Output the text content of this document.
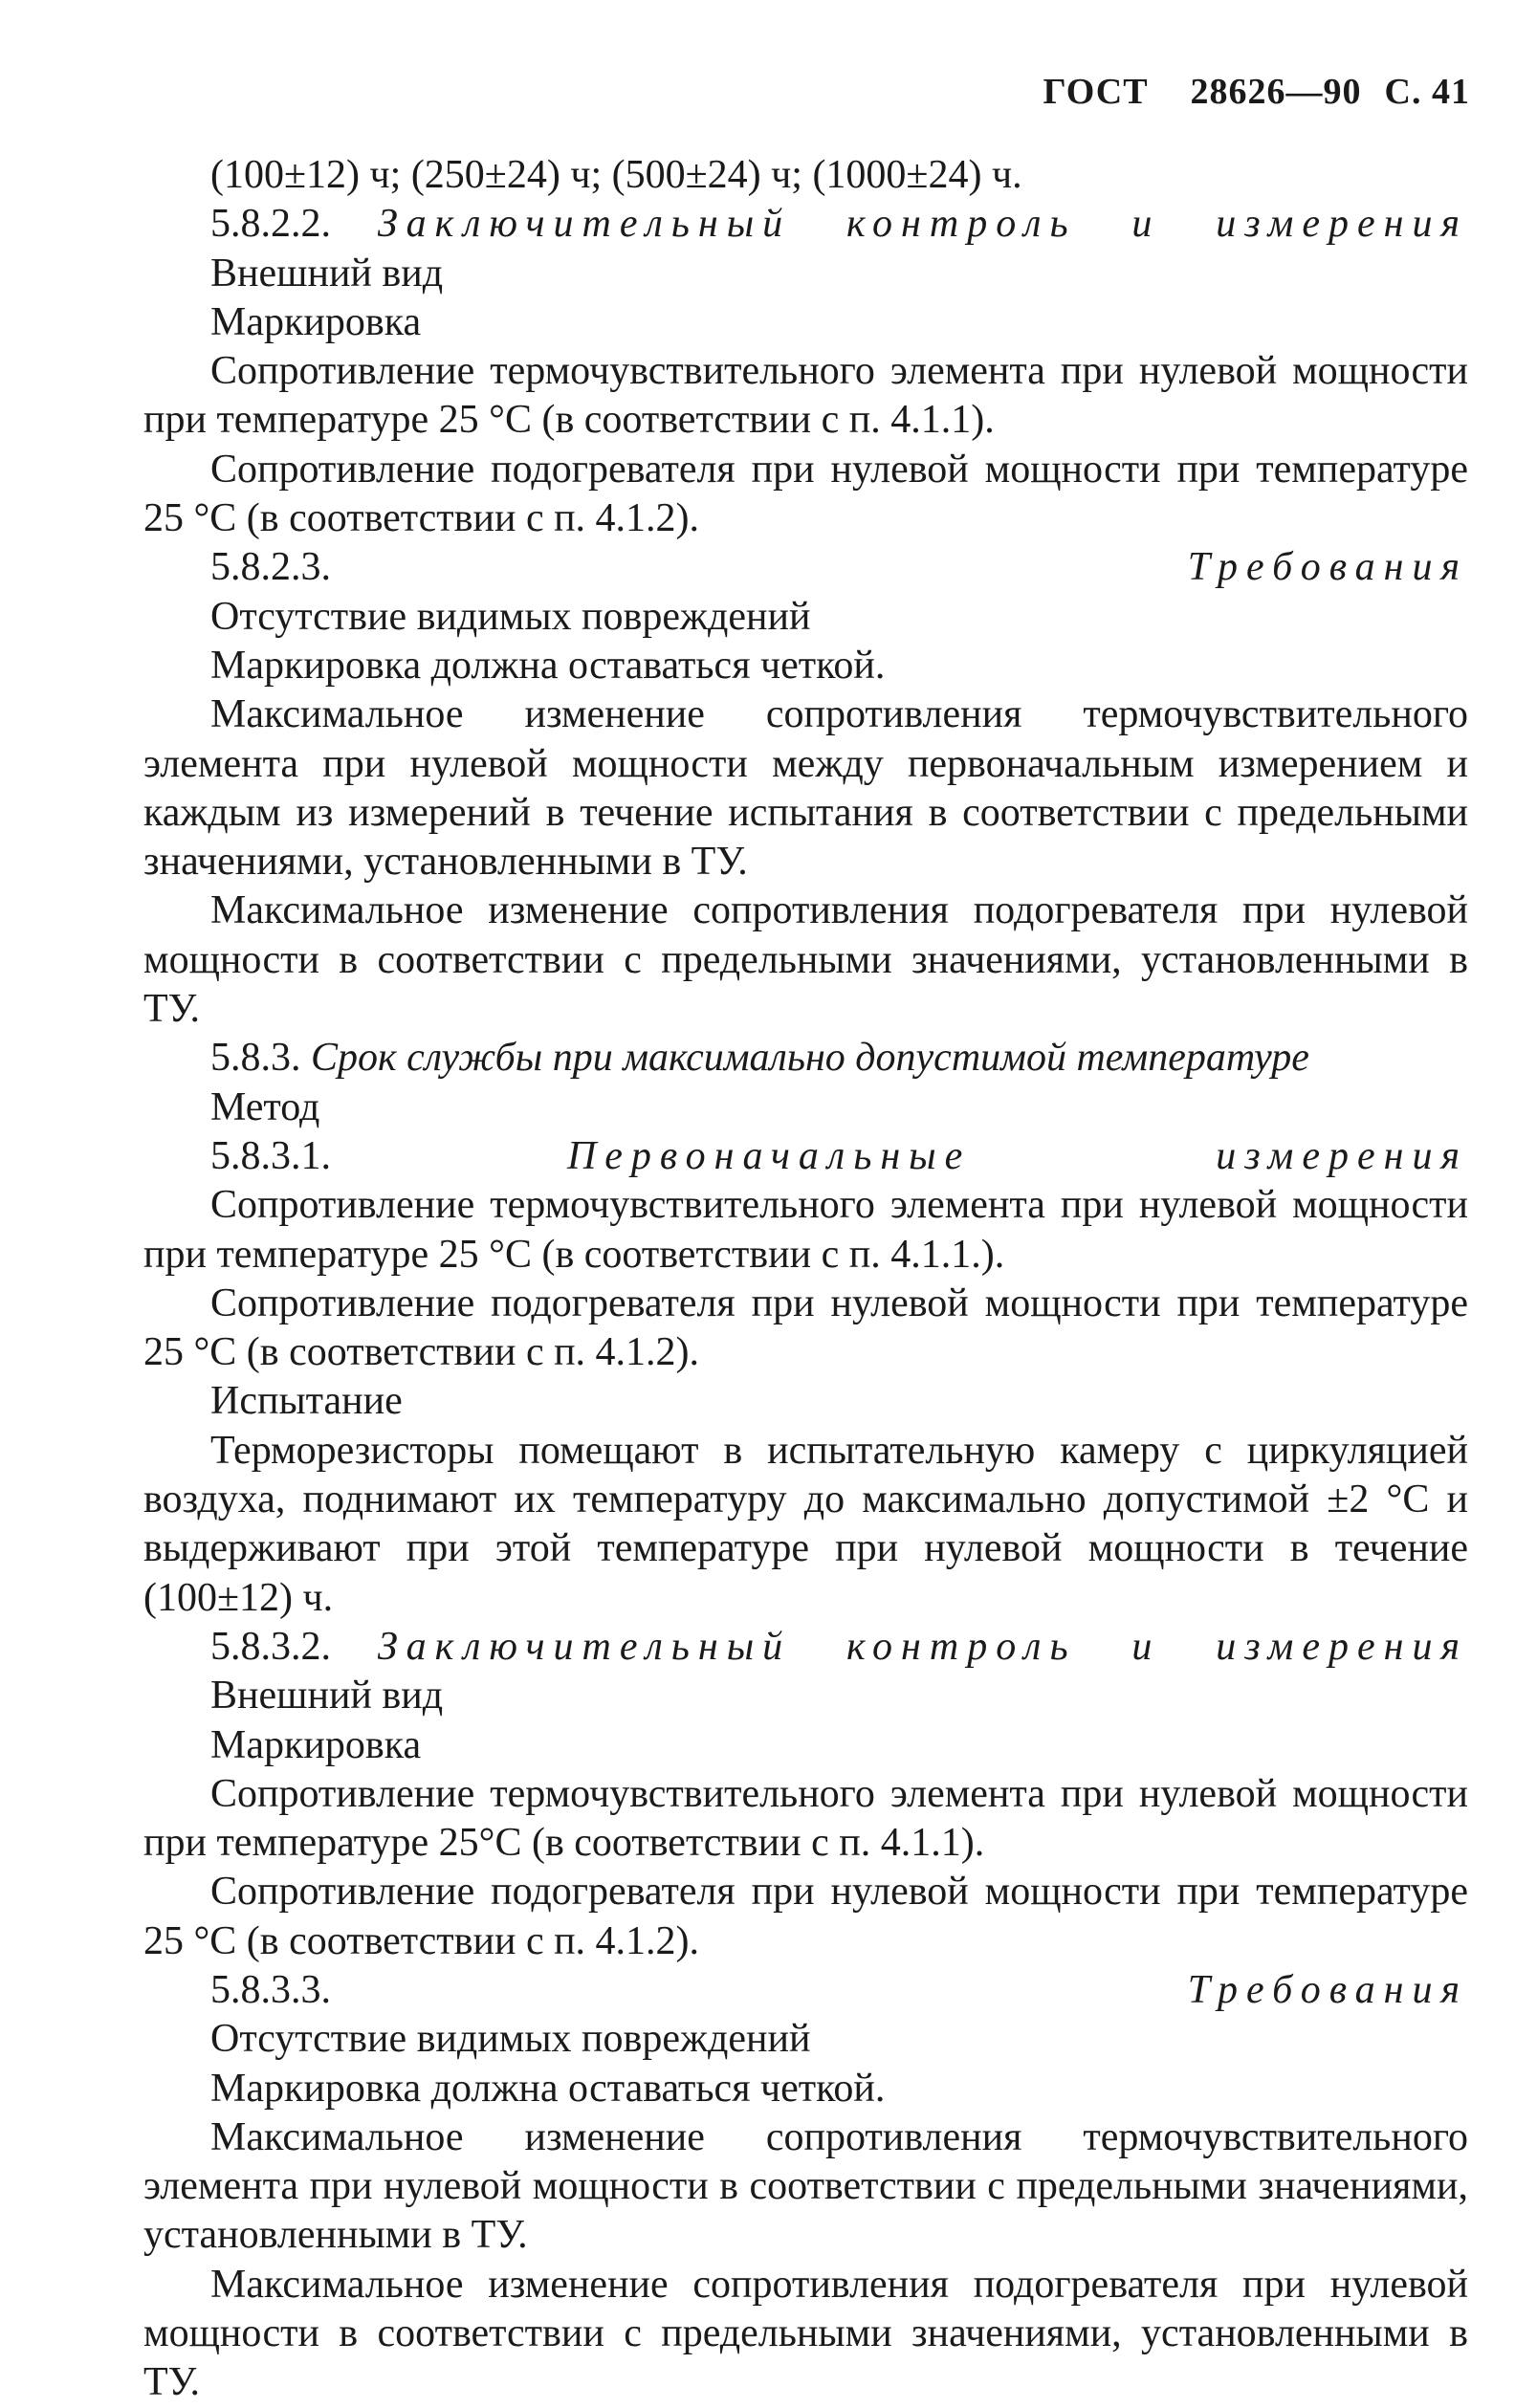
ГОСТ 28626—90 С. 41

(100±12) ч; (250±24) ч; (500±24) ч; (1000±24) ч.

5.8.2.2. Заключительный контроль и измерения

Внешний вид

Маркировка

Сопротивление термочувствительного элемента при нулевой мощности при температуре 25 °С (в соответствии с п. 4.1.1).

Сопротивление подогревателя при нулевой мощности при температуре 25 °С (в соответствии с п. 4.1.2).

5.8.2.3.	Требования

Отсутствие видимых повреждений

Маркировка должна оставаться четкой.

Максимальное изменение сопротивления термочувствительного элемента при нулевой мощности между первоначальным измерением и каждым из измерений в течение испытания в соответствии с предельными значениями, установленными в ТУ.

Максимальное изменение сопротивления подогревателя при нулевой мощности в соответствии с предельными значениями, установленными в ТУ.

5.8.3. Срок службы при максимально допустимой температуре

Метод

5.8.3.1.	Первоначальные измерения

Сопротивление термочувствительного элемента при нулевой мощности при температуре 25 °С (в соответствии с п. 4.1.1.).

Сопротивление подогревателя при нулевой мощности при температуре 25 °С (в соответствии с п. 4.1.2).

Испытание

Терморезисторы помещают в испытательную камеру с циркуляцией воздуха, поднимают их температуру до максимально допустимой ±2 °С и выдерживают при этой температуре при нулевой мощности в течение (100±12) ч.

5.8.3.2. Заключительный контроль и измерения

Внешний вид

Маркировка

Сопротивление термочувствительного элемента при нулевой мощности при температуре 25°С (в соответствии с п. 4.1.1).

Сопротивление подогревателя при нулевой мощности при температуре 25 °С (в соответствии с п. 4.1.2).

5.8.3.3.	Требования

Отсутствие видимых повреждений

Маркировка должна оставаться четкой.

Максимальное изменение сопротивления термочувствительного элемента при нулевой мощности в соответствии с предельными значениями, установленными в ТУ.

Максимальное изменение сопротивления подогревателя при нулевой мощности в соответствии с предельными значениями, установленными в ТУ.
